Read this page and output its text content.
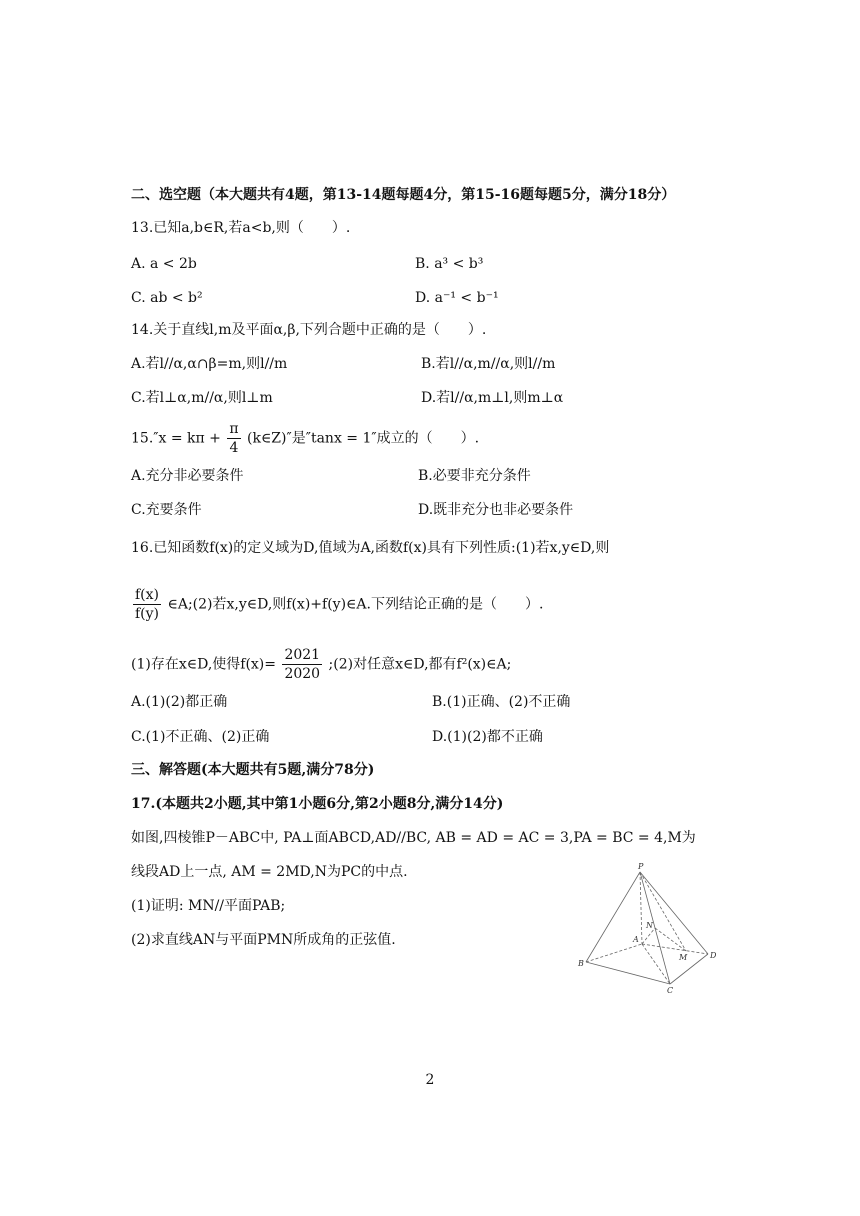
二、选空题（本大题共有4题，第13-14题每题4分，第15-16题每题5分，满分18分）
13.已知a,b∈R,若a<b,则（　　）.
A. a < 2b	B. a³ < b³
C. ab < b²	D. a⁻¹ < b⁻¹
14.关于直线l,m及平面α,β,下列合题中正确的是（　　）.
A.若l//α,α∩β=m,则l//m	B.若l//α,m//α,则l//m
C.若l⊥α,m//α,则l⊥m	D.若l//α,m⊥l,则m⊥α
$15.''x = k\pi + \frac{\pi}{4}$ (k∈Z)″是″tanx = 1″成立的（　　）.
A.充分非必要条件	B.必要非充分条件
C.充要条件	D.既非充分也非必要条件
16.已知函数f(x)的定义域为D,值域为A,函数f(x)具有下列性质:(1)若x,y∈D,则
$\frac{f(x)}{f(y)}$ ∈A;(2)若x,y∈D,则f(x)+f(y)∈A.下列结论正确的是（　　）.
(1)存在x∈D,使得$f(x)= \frac{2021}{2020}$ ;(2)对任意x∈D,都有f²(x)∈A;
A.(1)(2)都正确	B.(1)正确、(2)不正确
C.(1)不正确、(2)正确	D.(1)(2)都不正确
三、解答题(本大题共有5题,满分78分)
17.(本题共2小题,其中第1小题6分,第2小题8分,满分14分)
如图,四棱锥P－ABC中, PA⊥面ABCD,AD//BC, AB = AD = AC = 3,PA = BC = 4,M为
线段AD上一点, AM = 2MD,N为PC的中点.
(1)证明: MN//平面PAB;
(2)求直线AN与平面PMN所成角的正弦值.
P
A
B
C
D
M
N
2
